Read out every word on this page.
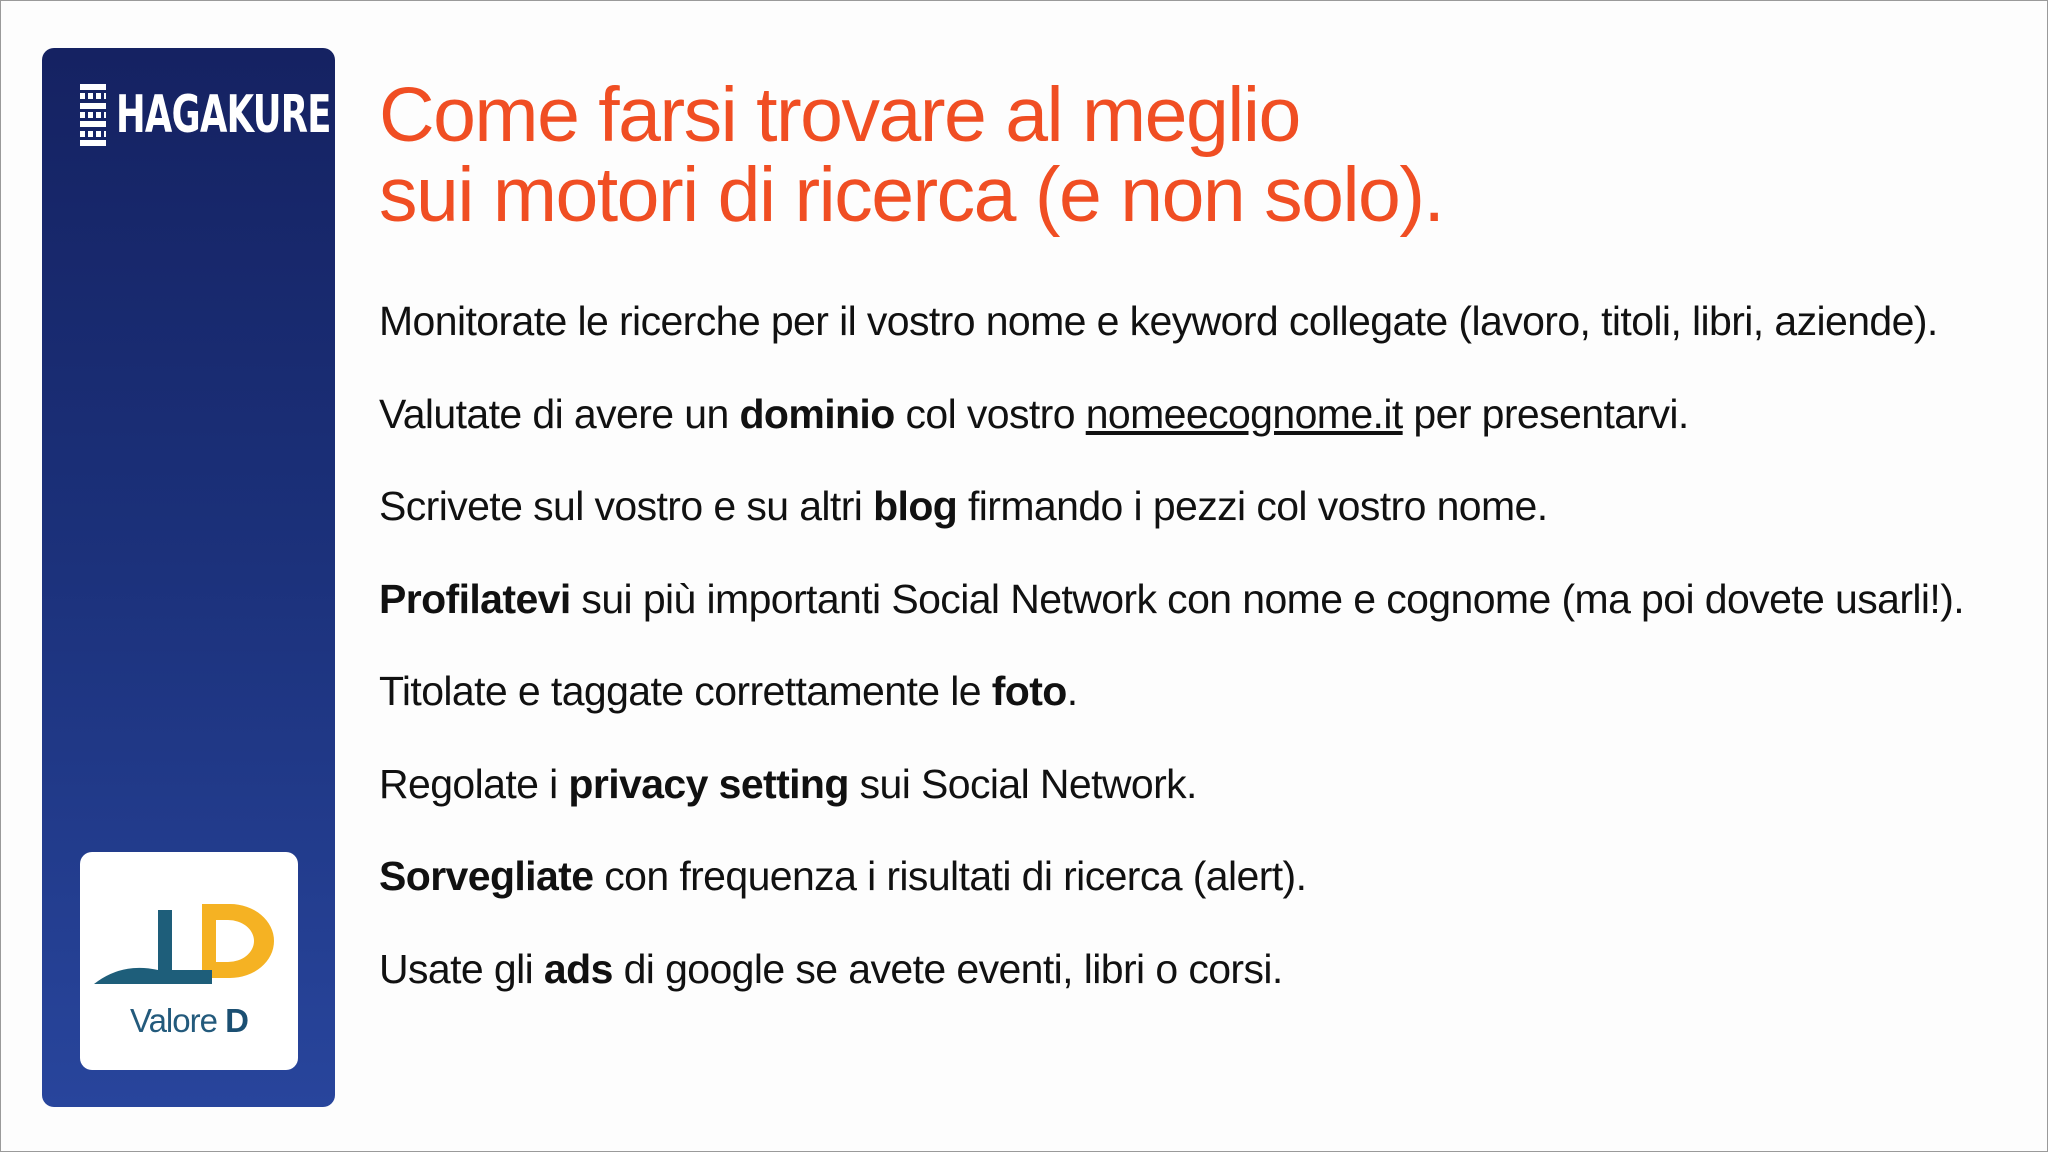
HAGAKURE
Valore D
Come farsi trovare al meglio
sui motori di ricerca (e non solo).
Monitorate le ricerche per il vostro nome e keyword collegate (lavoro, titoli, libri, aziende).
Valutate di avere un dominio col vostro nomeecognome.it per presentarvi.
Scrivete sul vostro e su altri blog firmando i pezzi col vostro nome.
Profilatevi sui più importanti Social Network con nome e cognome (ma poi dovete usarli!).
Titolate e taggate correttamente le foto.
Regolate i privacy setting sui Social Network.
Sorvegliate con frequenza i risultati di ricerca (alert).
Usate gli ads di google se avete eventi, libri o corsi.
